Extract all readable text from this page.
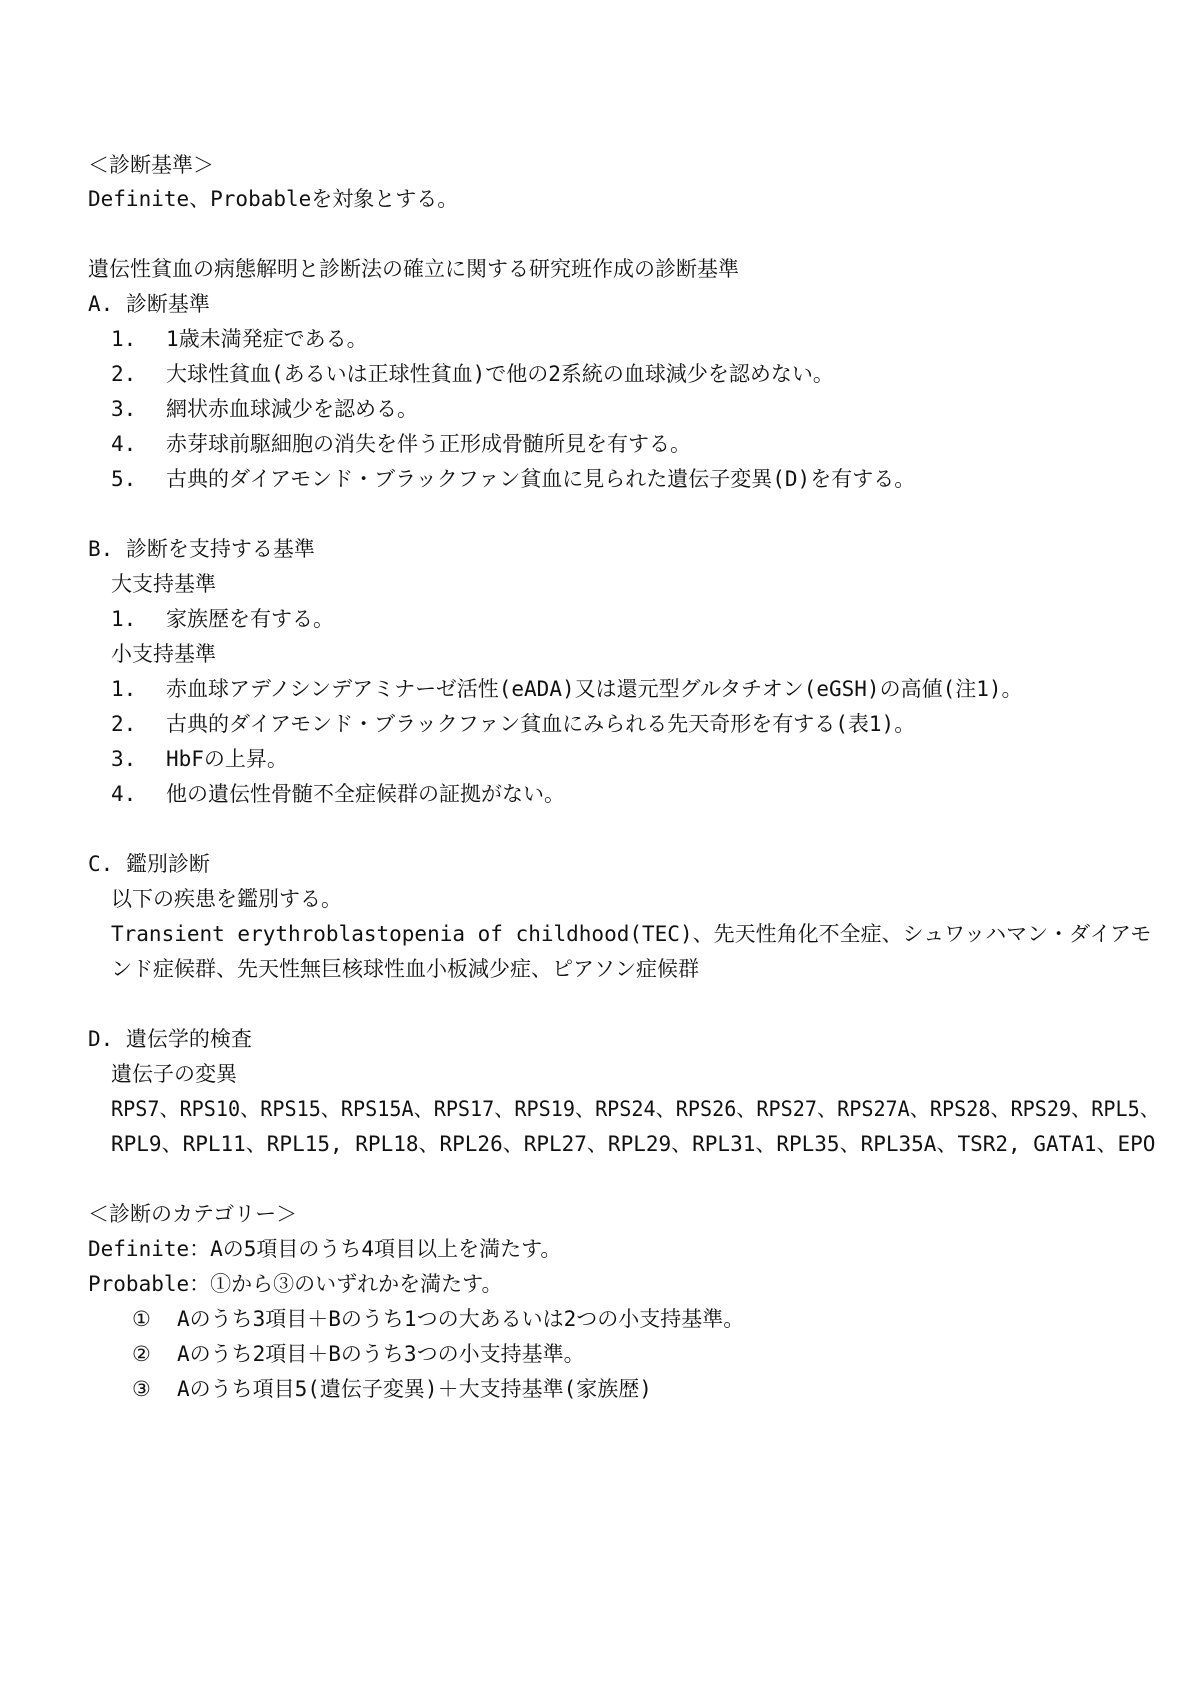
＜診断基準＞
Definite、Probableを対象とする。
遺伝性貧血の病態解明と診断法の確立に関する研究班作成の診断基準
A. 診断基準
1. 1歳未満発症である。
2. 大球性貧血(あるいは正球性貧血)で他の2系統の血球減少を認めない。
3. 網状赤血球減少を認める。
4. 赤芽球前駆細胞の消失を伴う正形成骨髄所見を有する。
5. 古典的ダイアモンド・ブラックファン貧血に見られた遺伝子変異(D)を有する。
B. 診断を支持する基準
大支持基準
1. 家族歴を有する。
小支持基準
1. 赤血球アデノシンデアミナーゼ活性(eADA)又は還元型グルタチオン(eGSH)の高値(注1)。
2. 古典的ダイアモンド・ブラックファン貧血にみられる先天奇形を有する(表1)。
3. HbFの上昇。
4. 他の遺伝性骨髄不全症候群の証拠がない。
C. 鑑別診断
以下の疾患を鑑別する。
Transient erythroblastopenia of childhood(TEC)、先天性角化不全症、シュワッハマン・ダイアモ
ンド症候群、先天性無巨核球性血小板減少症、ピアソン症候群
D. 遺伝学的検査
遺伝子の変異
RPS7、RPS10、RPS15、RPS15A、RPS17、RPS19、RPS24、RPS26、RPS27、RPS27A、RPS28、RPS29、RPL5、
RPL9、RPL11、RPL15, RPL18、RPL26、RPL27、RPL29、RPL31、RPL35、RPL35A、TSR2, GATA1、EPO
＜診断のカテゴリー＞
Definite：Aの5項目のうち4項目以上を満たす。
Probable：①から③のいずれかを満たす。
① Aのうち3項目＋Bのうち1つの大あるいは2つの小支持基準。
② Aのうち2項目＋Bのうち3つの小支持基準。
③ Aのうち項目5(遺伝子変異)＋大支持基準(家族歴)
